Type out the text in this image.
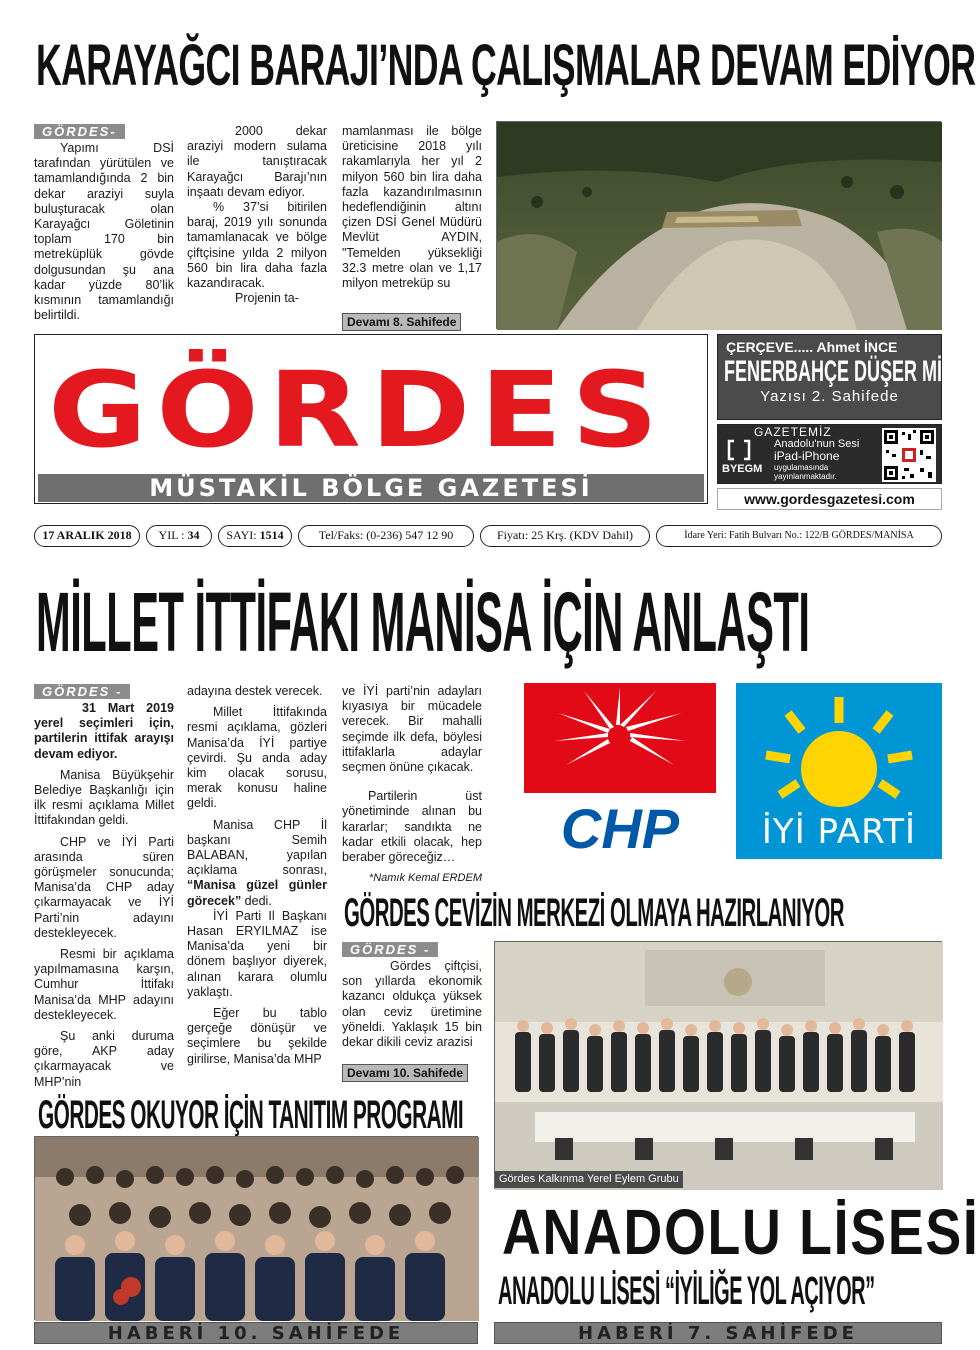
KARAYAĞCI BARAJI’NDA ÇALIŞMALAR DEVAM EDİYOR
GÖRDES-

Yapımı DSİ tarafından yürütülen ve tamamlandığında 2 bin dekar araziyi suyla buluşturacak olan Karayağcı Göletinin toplam 170 bin metreküplük gövde dolgusundan şu ana kadar yüzde 80’lik kısmının tamamlandığı belirtildi.

2000 dekar araziyi modern sulama ile tanıştıracak Karayağcı Barajı’nın inşaatı devam ediyor.

% 37’si bitirilen baraj, 2019 yılı sonunda tamamlanacak ve bölge çiftçisine yılda 2 milyon 560 bin lira daha fazla kazandıracak.

Projenin ta-

mamlanması ile bölge üreticisine 2018 yılı rakamlarıyla her yıl 2 milyon 560 bin lira daha fazla kazandırılmasının hedeflendiğinin altını çizen DSİ Genel Müdürü Mevlüt AYDIN, "Temelden yüksekliği 32.3 metre olan ve 1,17 milyon metreküp su

Devamı 8. Sahifede
GÖRDES
MÜSTAKİL BÖLGE GAZETESİ
ÇERÇEVE..... Ahmet İNCE
FENERBAHÇE DÜŞER Mİ?
Yazısı 2. Sahifede
GAZETEMİZ
BYEGM
Anadolu'nun Sesi
iPad-iPhone
uygulamasında
yayınlanmaktadır.
www.gordesgazetesi.com
17 ARALIK 2018	YIL : 34	SAYI: 1514	Tel/Faks: (0-236) 547 12 90	Fiyatı: 25 Krş. (KDV Dahil)	İdare Yeri: Fatih Bulvarı No.: 122/B GÖRDES/MANİSA
MİLLET İTTİFAKI MANİSA İÇİN ANLAŞTI
GÖRDES -

31 Mart 2019 yerel seçimleri için, partilerin ittifak arayışı devam ediyor.

Manisa Büyükşehir Belediye Başkanlığı için ilk resmi açıklama Millet İttifakından geldi.

CHP ve İYİ Parti arasında süren görüşmeler sonucunda; Manisa’da CHP aday çıkarmayacak ve İYİ Parti’nin adayını destekleyecek.

Resmi bir açıklama yapılmamasına karşın, Cumhur İttifakı Manisa’da MHP adayını destekleyecek.

Şu anki duruma göre, AKP aday çıkarmayacak ve MHP’nin

adayına destek verecek.

Millet İttifakında resmi açıklama, gözleri Manisa’da İYİ partiye çevirdi. Şu anda aday kim olacak sorusu, merak konusu haline geldi.

Manisa CHP İl başkanı Semih BALABAN, yapılan açıklama sonrası, “Manisa güzel günler görecek” dedi.

İYİ Parti Il Başkanı Hasan ERYILMAZ ise Manisa’da yeni bir dönem başlıyor diyerek, alınan karara olumlu yaklaştı.

Eğer bu tablo gerçeğe dönüşür ve seçimlere bu şekilde girilirse, Manisa’da MHP

ve İYİ parti’nin adayları kıyasıya bir mücadele verecek. Bir mahalli seçimde ilk defa, böylesi ittifaklarla adaylar seçmen önüne çıkacak.

Partilerin üst yönetiminde alınan bu kararlar; sandıkta ne kadar etkili olacak, hep beraber göreceğiz…

*Namık Kemal ERDEM

CHP İYİ PARTİ
GÖRDES CEVİZİN MERKEZİ OLMAYA HAZIRLANIYOR
GÖRDES -

Gördes çiftçisi, son yıllarda ekonomik kazancı oldukça yüksek olan ceviz üretimine yöneldi. Yaklaşık 15 bin dekar dikili ceviz arazisi

Devamı 10. Sahifede
Gördes Kalkınma Yerel Eylem Grubu
GÖRDES OKUYOR İÇİN TANITIM PROGRAMI
HABERİ 10. SAHİFEDE
ANADOLU LİSESİ
ANADOLU LİSESİ “İYİLİĞE YOL AÇIYOR”
HABERİ 7. SAHİFEDE
